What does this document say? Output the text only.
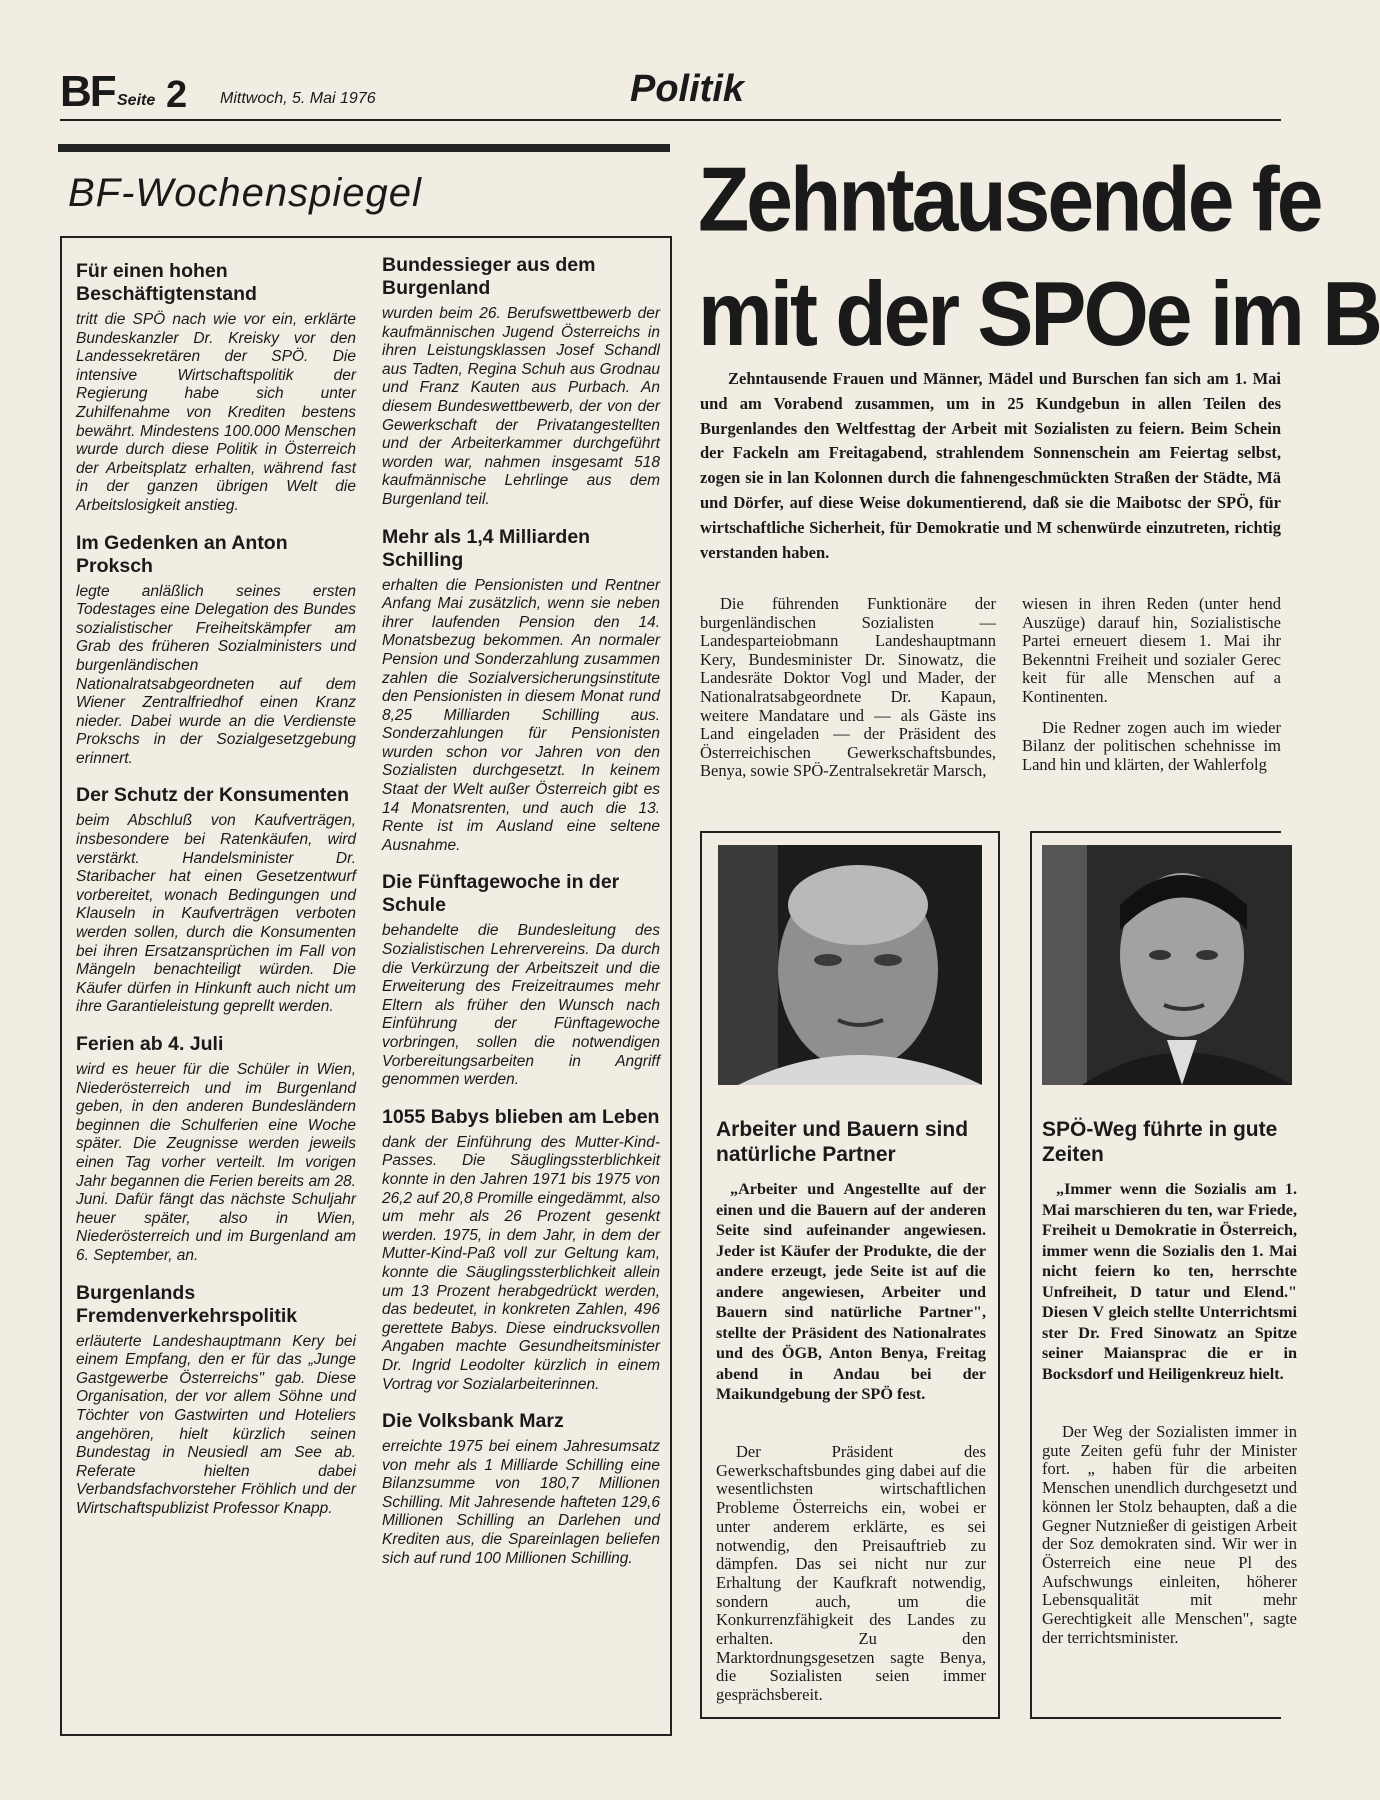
BF Seite 2 Mittwoch, 5. Mai 1976	Politik
BF-Wochenspiegel
Für einen hohen Beschäftigtenstand

tritt die SPÖ nach wie vor ein, erklärte Bundeskanzler Dr. Kreisky vor den Landessekretären der SPÖ. Die intensive Wirtschaftspolitik der Regierung habe sich unter Zuhilfenahme von Krediten bestens bewährt. Mindestens 100.000 Menschen wurde durch diese Politik in Österreich der Arbeitsplatz erhalten, während fast in der ganzen übrigen Welt die Arbeitslosigkeit anstieg.

Im Gedenken an Anton Proksch

legte anläßlich seines ersten Todestages eine Delegation des Bundes sozialistischer Freiheitskämpfer am Grab des früheren Sozialministers und burgenländischen Nationalratsabgeordneten auf dem Wiener Zentralfriedhof einen Kranz nieder. Dabei wurde an die Verdienste Prokschs in der Sozialgesetzgebung erinnert.

Der Schutz der Konsumenten

beim Abschluß von Kaufverträgen, insbesondere bei Ratenkäufen, wird verstärkt. Handelsminister Dr. Staribacher hat einen Gesetzentwurf vorbereitet, wonach Bedingungen und Klauseln in Kaufverträgen verboten werden sollen, durch die Konsumenten bei ihren Ersatzansprüchen im Fall von Mängeln benachteiligt würden. Die Käufer dürfen in Hinkunft auch nicht um ihre Garantieleistung geprellt werden.

Ferien ab 4. Juli

wird es heuer für die Schüler in Wien, Niederösterreich und im Burgenland geben, in den anderen Bundesländern beginnen die Schulferien eine Woche später. Die Zeugnisse werden jeweils einen Tag vorher verteilt. Im vorigen Jahr begannen die Ferien bereits am 28. Juni. Dafür fängt das nächste Schuljahr heuer später, also in Wien, Niederösterreich und im Burgenland am 6. September, an.

Burgenlands Fremdenverkehrspolitik

erläuterte Landeshauptmann Kery bei einem Empfang, den er für das „Junge Gastgewerbe Österreichs" gab. Diese Organisation, der vor allem Söhne und Töchter von Gastwirten und Hoteliers angehören, hielt kürzlich seinen Bundestag in Neusiedl am See ab. Referate hielten dabei Verbandsfachvorsteher Fröhlich und der Wirtschaftspublizist Professor Knapp.

Bundessieger aus dem Burgenland

wurden beim 26. Berufswettbewerb der kaufmännischen Jugend Österreichs in ihren Leistungsklassen Josef Schandl aus Tadten, Regina Schuh aus Grodnau und Franz Kauten aus Purbach. An diesem Bundeswettbewerb, der von der Gewerkschaft der Privatangestellten und der Arbeiterkammer durchgeführt worden war, nahmen insgesamt 518 kaufmännische Lehrlinge aus dem Burgenland teil.

Mehr als 1,4 Milliarden Schilling

erhalten die Pensionisten und Rentner Anfang Mai zusätzlich, wenn sie neben ihrer laufenden Pension den 14. Monatsbezug bekommen. An normaler Pension und Sonderzahlung zusammen zahlen die Sozialversicherungsinstitute den Pensionisten in diesem Monat rund 8,25 Milliarden Schilling aus. Sonderzahlungen für Pensionisten wurden schon vor Jahren von den Sozialisten durchgesetzt. In keinem Staat der Welt außer Österreich gibt es 14 Monatsrenten, und auch die 13. Rente ist im Ausland eine seltene Ausnahme.

Die Fünftagewoche in der Schule

behandelte die Bundesleitung des Sozialistischen Lehrervereins. Da durch die Verkürzung der Arbeitszeit und die Erweiterung des Freizeitraumes mehr Eltern als früher den Wunsch nach Einführung der Fünftagewoche vorbringen, sollen die notwendigen Vorbereitungsarbeiten in Angriff genommen werden.

1055 Babys blieben am Leben

dank der Einführung des Mutter-Kind-Passes. Die Säuglingssterblichkeit konnte in den Jahren 1971 bis 1975 von 26,2 auf 20,8 Promille eingedämmt, also um mehr als 26 Prozent gesenkt werden. 1975, in dem Jahr, in dem der Mutter-Kind-Paß voll zur Geltung kam, konnte die Säuglingssterblichkeit allein um 13 Prozent herabgedrückt werden, das bedeutet, in konkreten Zahlen, 496 gerettete Babys. Diese eindrucksvollen Angaben machte Gesundheitsminister Dr. Ingrid Leodolter kürzlich in einem Vortrag vor Sozialarbeiterinnen.

Die Volksbank Marz

erreichte 1975 bei einem Jahresumsatz von mehr als 1 Milliarde Schilling eine Bilanzsumme von 180,7 Millionen Schilling. Mit Jahresende hafteten 129,6 Millionen Schilling an Darlehen und Krediten aus, die Spareinlagen beliefen sich auf rund 100 Millionen Schilling.

Zehntausende fe
mit der SPOe im B
Zehntausende Frauen und Männer, Mädel und Burschen fan sich am 1. Mai und am Vorabend zusammen, um in 25 Kundgebun in allen Teilen des Burgenlandes den Weltfesttag der Arbeit mit Sozialisten zu feiern. Beim Schein der Fackeln am Freitagabend, strahlendem Sonnenschein am Feiertag selbst, zogen sie in lan Kolonnen durch die fahnengeschmückten Straßen der Städte, Mä und Dörfer, auf diese Weise dokumentierend, daß sie die Maibotsc der SPÖ, für wirtschaftliche Sicherheit, für Demokratie und M schenwürde einzutreten, richtig verstanden haben.

Die führenden Funktionäre der burgenländischen Sozialisten — Landesparteiobmann Landeshauptmann Kery, Bundesminister Dr. Sinowatz, die Landesräte Doktor Vogl und Mader, der Nationalratsabgeordnete Dr. Kapaun, weitere Mandatare und — als Gäste ins Land eingeladen — der Präsident des Österreichischen Gewerkschaftsbundes, Benya, sowie SPÖ-Zentralsekretär Marsch,

wiesen in ihren Reden (unter hend Auszüge) darauf hin, Sozialistische Partei erneuert diesem 1. Mai ihr Bekenntni Freiheit und sozialer Gerec keit für alle Menschen auf a Kontinenten.

Die Redner zogen auch im wieder Bilanz der politischen schehnisse im Land hin und klärten, der Wahlerfolg

Arbeiter und Bauern sind natürliche Partner
„Arbeiter und Angestellte auf der einen und die Bauern auf der anderen Seite sind aufeinander angewiesen. Jeder ist Käufer der Produkte, die der andere erzeugt, jede Seite ist auf die andere angewiesen, Arbeiter und Bauern sind natürliche Partner", stellte der Präsident des Nationalrates und des ÖGB, Anton Benya, Freitag abend in Andau bei der Maikundgebung der SPÖ fest.
Der Präsident des Gewerkschaftsbundes ging dabei auf die wesentlichsten wirtschaftlichen Probleme Österreichs ein, wobei er unter anderem erklärte, es sei notwendig, den Preisauftrieb zu dämpfen. Das sei nicht nur zur Erhaltung der Kaufkraft notwendig, sondern auch, um die Konkurrenzfähigkeit des Landes zu erhalten. Zu den Marktordnungsgesetzen sagte Benya, die Sozialisten seien immer gesprächsbereit.
SPÖ-Weg führte in gute Zeiten
„Immer wenn die Sozialis am 1. Mai marschieren du ten, war Friede, Freiheit u Demokratie in Österreich, immer wenn die Sozialis den 1. Mai nicht feiern ko ten, herrschte Unfreiheit, D tatur und Elend." Diesen V gleich stellte Unterrichtsmi ster Dr. Fred Sinowatz an Spitze seiner Maiansprac die er in Bocksdorf und Heiligenkreuz hielt.
Der Weg der Sozialisten immer in gute Zeiten gefü fuhr der Minister fort. „ haben für die arbeiten Menschen unendlich durchgesetzt und können ler Stolz behaupten, daß a die Gegner Nutznießer di geistigen Arbeit der Soz demokraten sind. Wir wer in Österreich eine neue Pl des Aufschwungs einleiten, höherer Lebensqualität mit mehr Gerechtigkeit alle Menschen", sagte der terrichtsminister.
